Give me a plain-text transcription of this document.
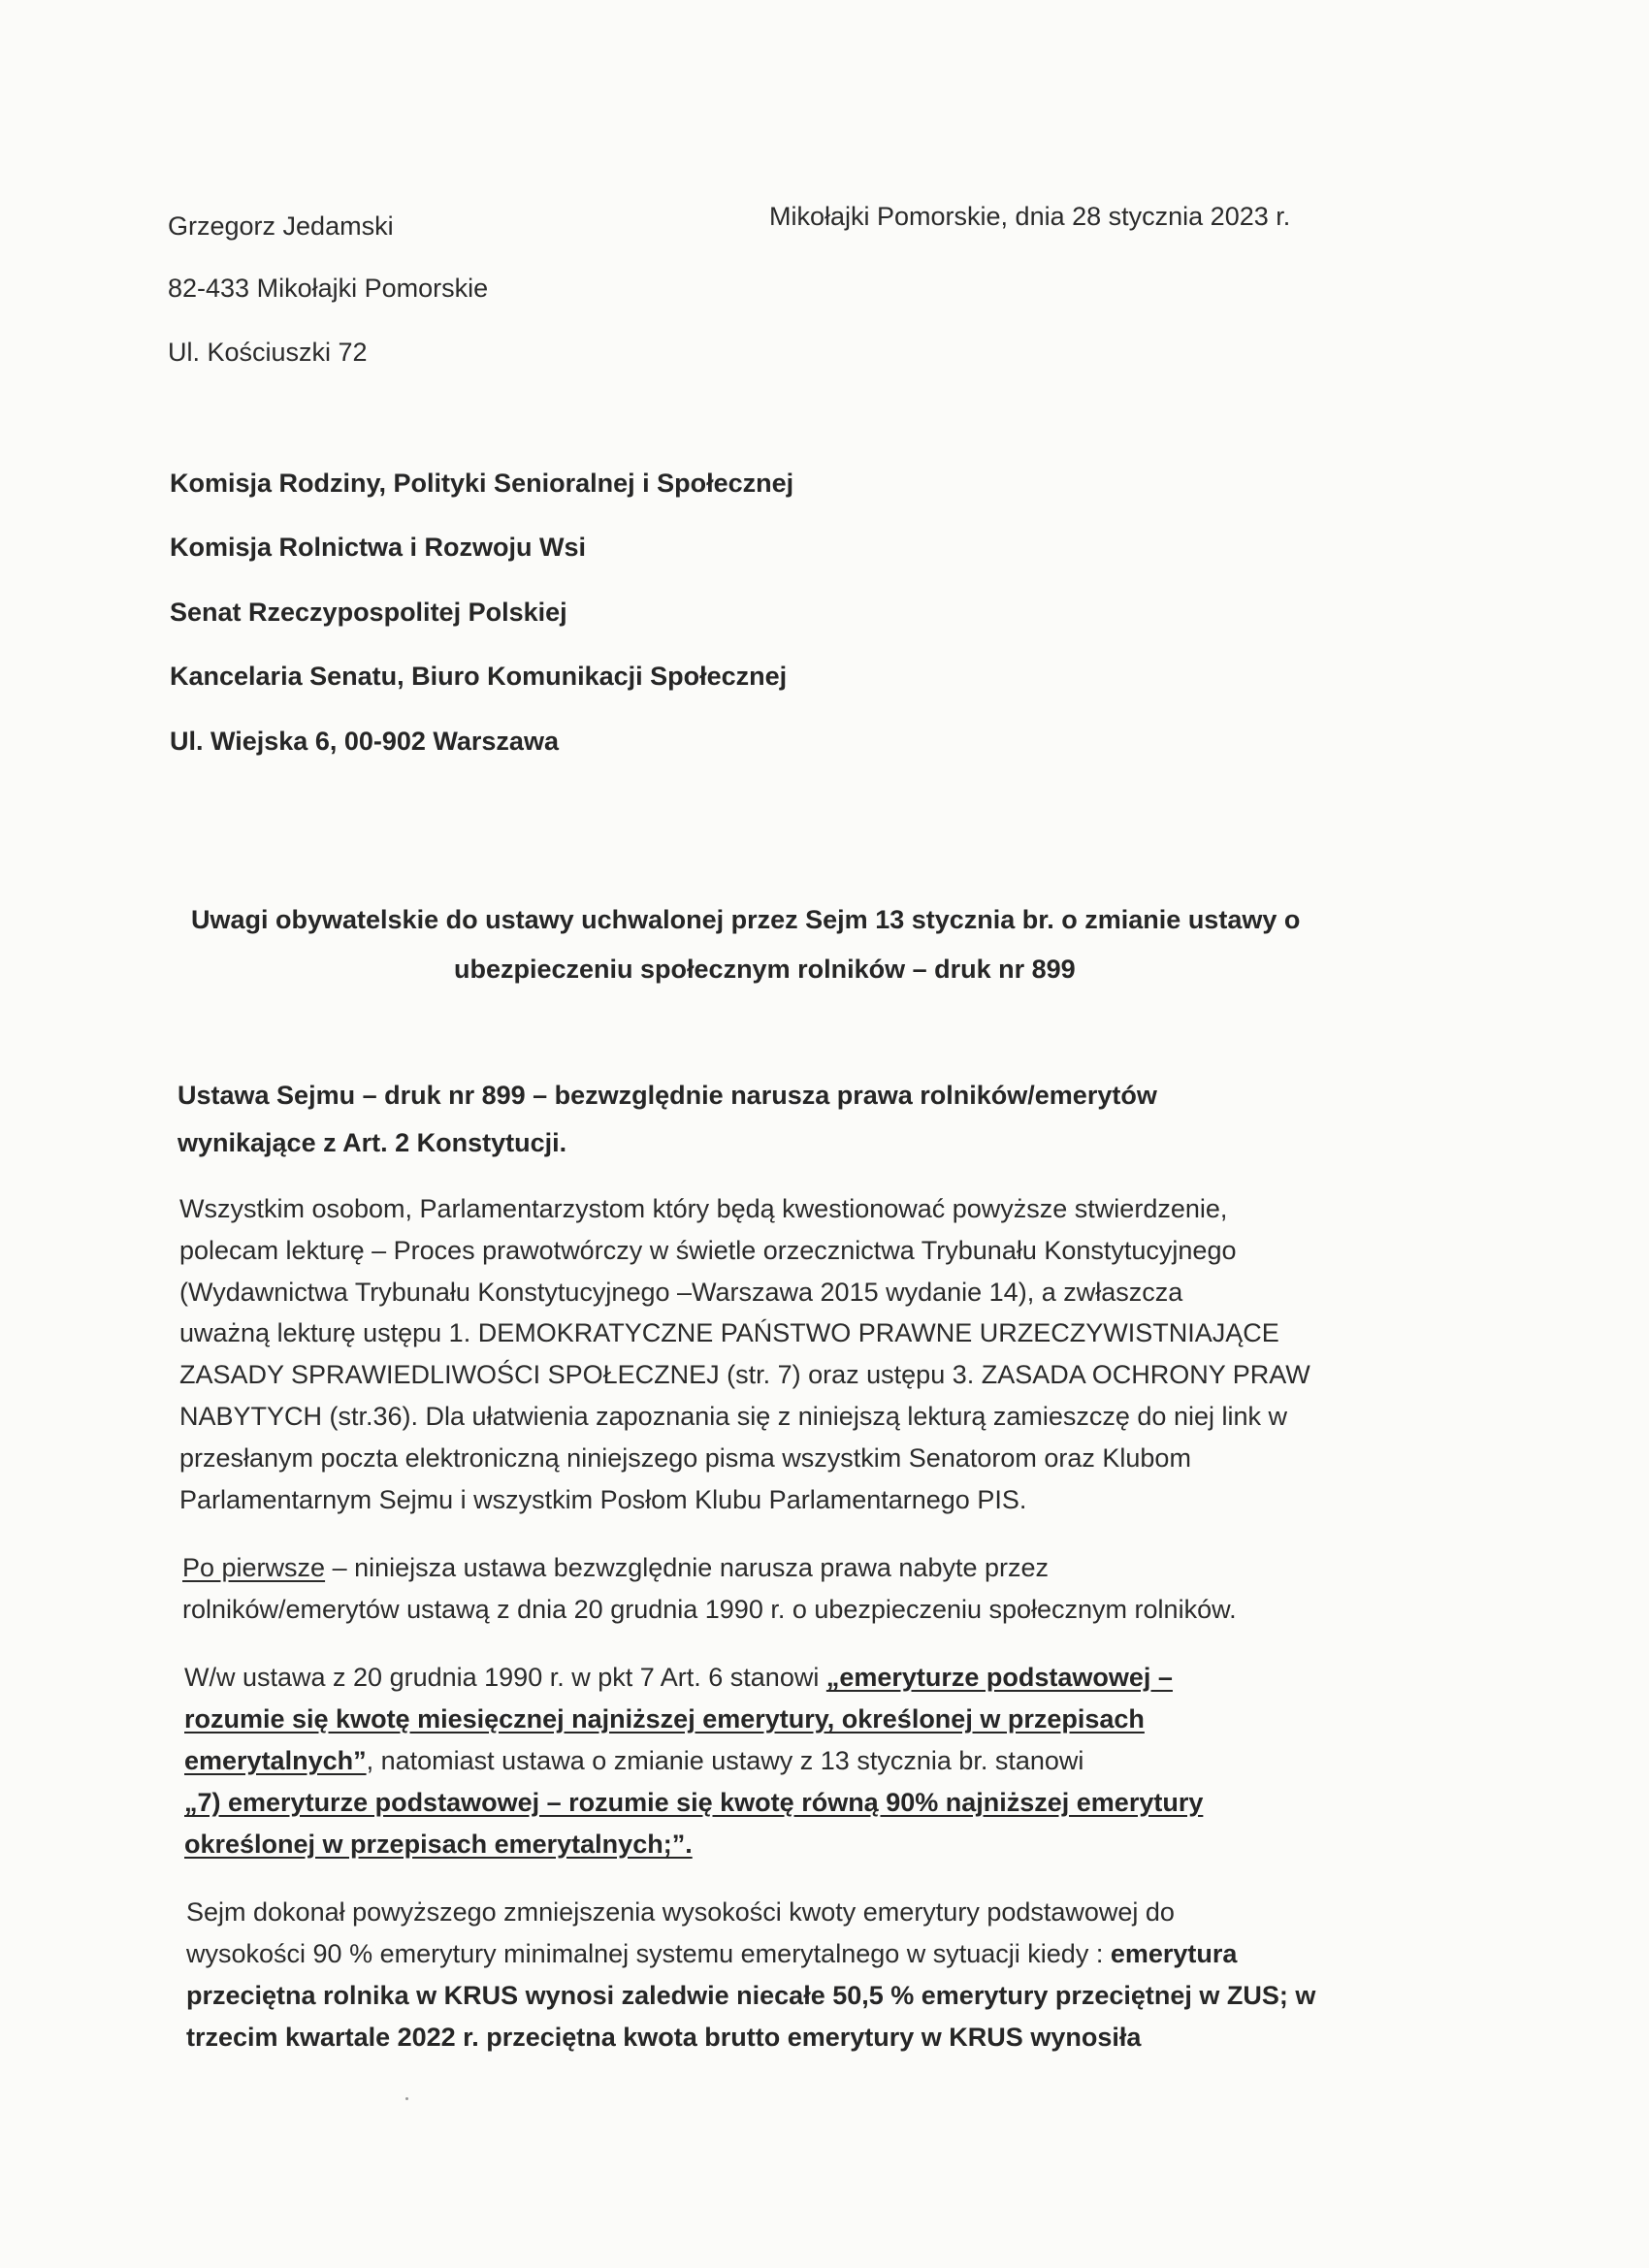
Grzegorz Jedamski
82-433 Mikołajki Pomorskie
Ul. Kościuszki 72
Mikołajki Pomorskie, dnia 28 stycznia 2023 r.
Komisja Rodziny, Polityki Senioralnej i Społecznej
Komisja Rolnictwa i Rozwoju Wsi
Senat Rzeczypospolitej Polskiej
Kancelaria Senatu, Biuro Komunikacji Społecznej
Ul. Wiejska 6, 00-902 Warszawa
Uwagi obywatelskie do ustawy uchwalonej przez Sejm 13 stycznia br. o zmianie ustawy o
ubezpieczeniu społecznym rolników – druk nr 899
Ustawa Sejmu – druk nr 899 – bezwzględnie narusza prawa rolników/emerytów
wynikające z Art. 2 Konstytucji.
Wszystkim osobom, Parlamentarzystom który będą kwestionować powyższe stwierdzenie,
polecam lekturę – Proces prawotwórczy w świetle orzecznictwa Trybunału Konstytucyjnego
(Wydawnictwa Trybunału Konstytucyjnego –Warszawa 2015 wydanie 14), a zwłaszcza
uważną lekturę ustępu 1. DEMOKRATYCZNE PAŃSTWO PRAWNE URZECZYWISTNIAJĄCE
ZASADY SPRAWIEDLIWOŚCI SPOŁECZNEJ (str. 7) oraz ustępu 3. ZASADA OCHRONY PRAW
NABYTYCH (str.36). Dla ułatwienia zapoznania się z niniejszą lekturą zamieszczę do niej link w
przesłanym poczta elektroniczną niniejszego pisma wszystkim Senatorom oraz Klubom
Parlamentarnym Sejmu i wszystkim Posłom Klubu Parlamentarnego PIS.
Po pierwsze – niniejsza ustawa bezwzględnie narusza prawa nabyte przez
rolników/emerytów ustawą z dnia 20 grudnia 1990 r. o ubezpieczeniu społecznym rolników.
W/w ustawa z 20 grudnia 1990 r. w pkt 7 Art. 6 stanowi „emeryturze podstawowej –
rozumie się kwotę miesięcznej najniższej emerytury, określonej w przepisach
emerytalnych”, natomiast ustawa o zmianie ustawy z 13 stycznia br. stanowi
„7) emeryturze podstawowej – rozumie się kwotę równą 90% najniższej emerytury
określonej w przepisach emerytalnych;”.
Sejm dokonał powyższego zmniejszenia wysokości kwoty emerytury podstawowej do
wysokości 90 % emerytury minimalnej systemu emerytalnego w sytuacji kiedy : emerytura
przeciętna rolnika w KRUS wynosi zaledwie niecałe 50,5 % emerytury przeciętnej w ZUS; w
trzecim kwartale 2022 r. przeciętna kwota brutto emerytury w KRUS wynosiła
